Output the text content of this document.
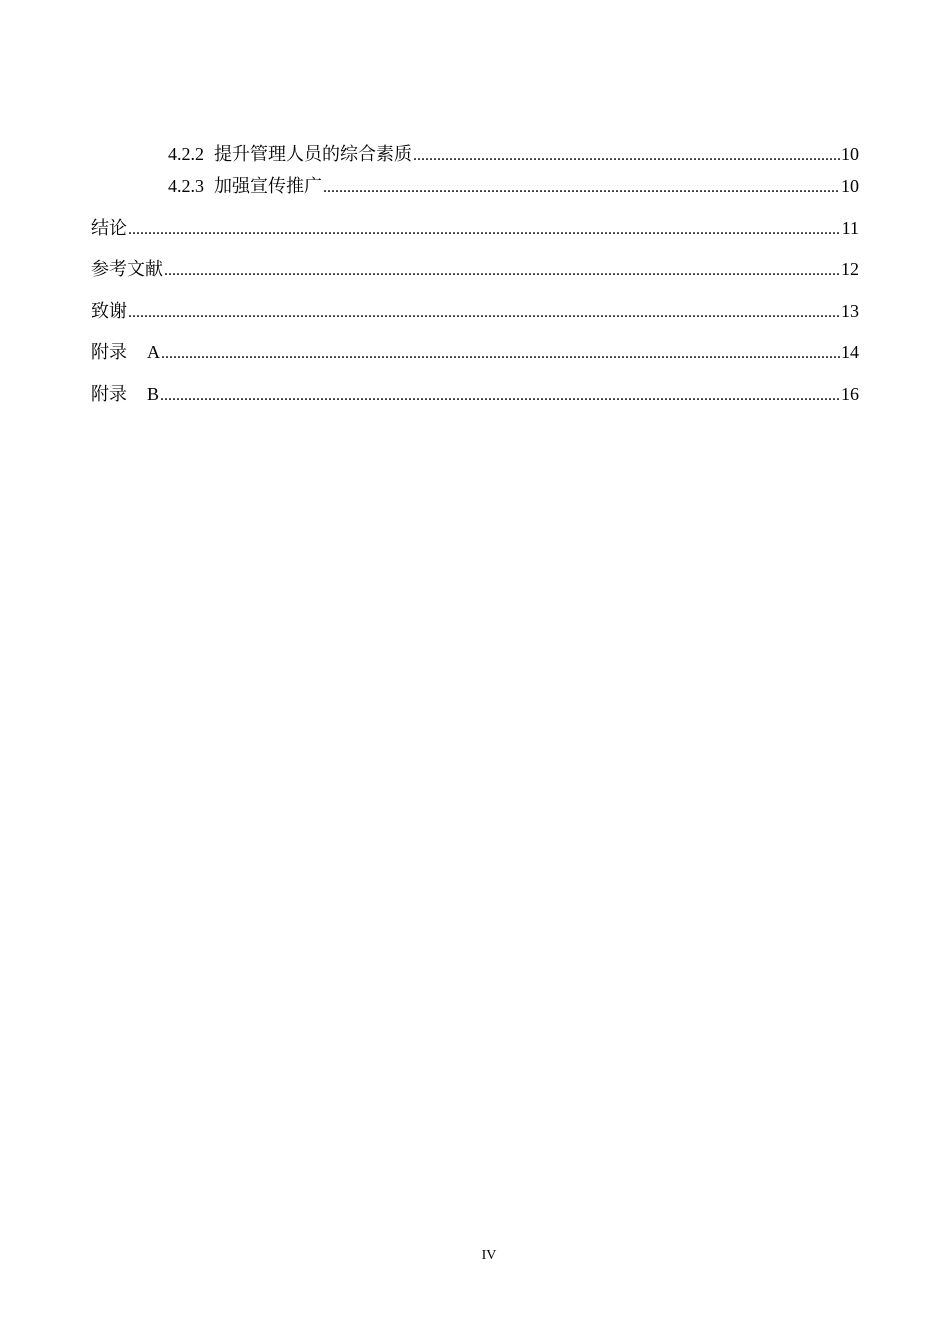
4.2.2 提升管理人员的综合素质 .....	10
4.2.3 加强宣传推广 .....	10
结论 .....	11
参考文献 .....	12
致谢 .....	13
附录 A .....	14
附录 B .....	16
IV
